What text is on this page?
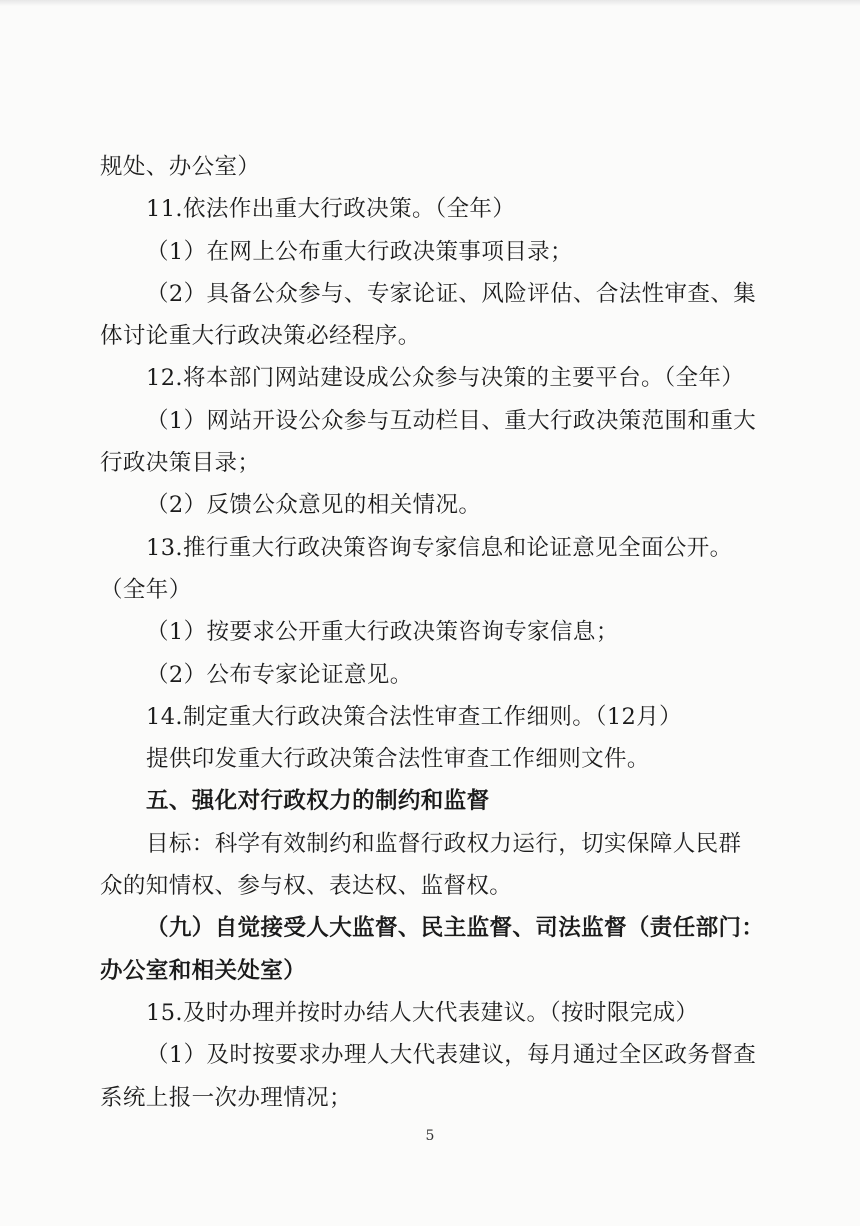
规处、办公室）

11.依法作出重大行政决策。（全年）

（1）在网上公布重大行政决策事项目录；

（2）具备公众参与、专家论证、风险评估、合法性审查、集

体讨论重大行政决策必经程序。

12.将本部门网站建设成公众参与决策的主要平台。（全年）

（1）网站开设公众参与互动栏目、重大行政决策范围和重大

行政决策目录；

（2）反馈公众意见的相关情况。

13.推行重大行政决策咨询专家信息和论证意见全面公开。

（全年）

（1）按要求公开重大行政决策咨询专家信息；

（2）公布专家论证意见。

14.制定重大行政决策合法性审查工作细则。（12月）

提供印发重大行政决策合法性审查工作细则文件。

五、强化对行政权力的制约和监督

目标：科学有效制约和监督行政权力运行，切实保障人民群

众的知情权、参与权、表达权、监督权。

（九）自觉接受人大监督、民主监督、司法监督（责任部门：

办公室和相关处室）

15.及时办理并按时办结人大代表建议。（按时限完成）

（1）及时按要求办理人大代表建议，每月通过全区政务督查

系统上报一次办理情况；

5
